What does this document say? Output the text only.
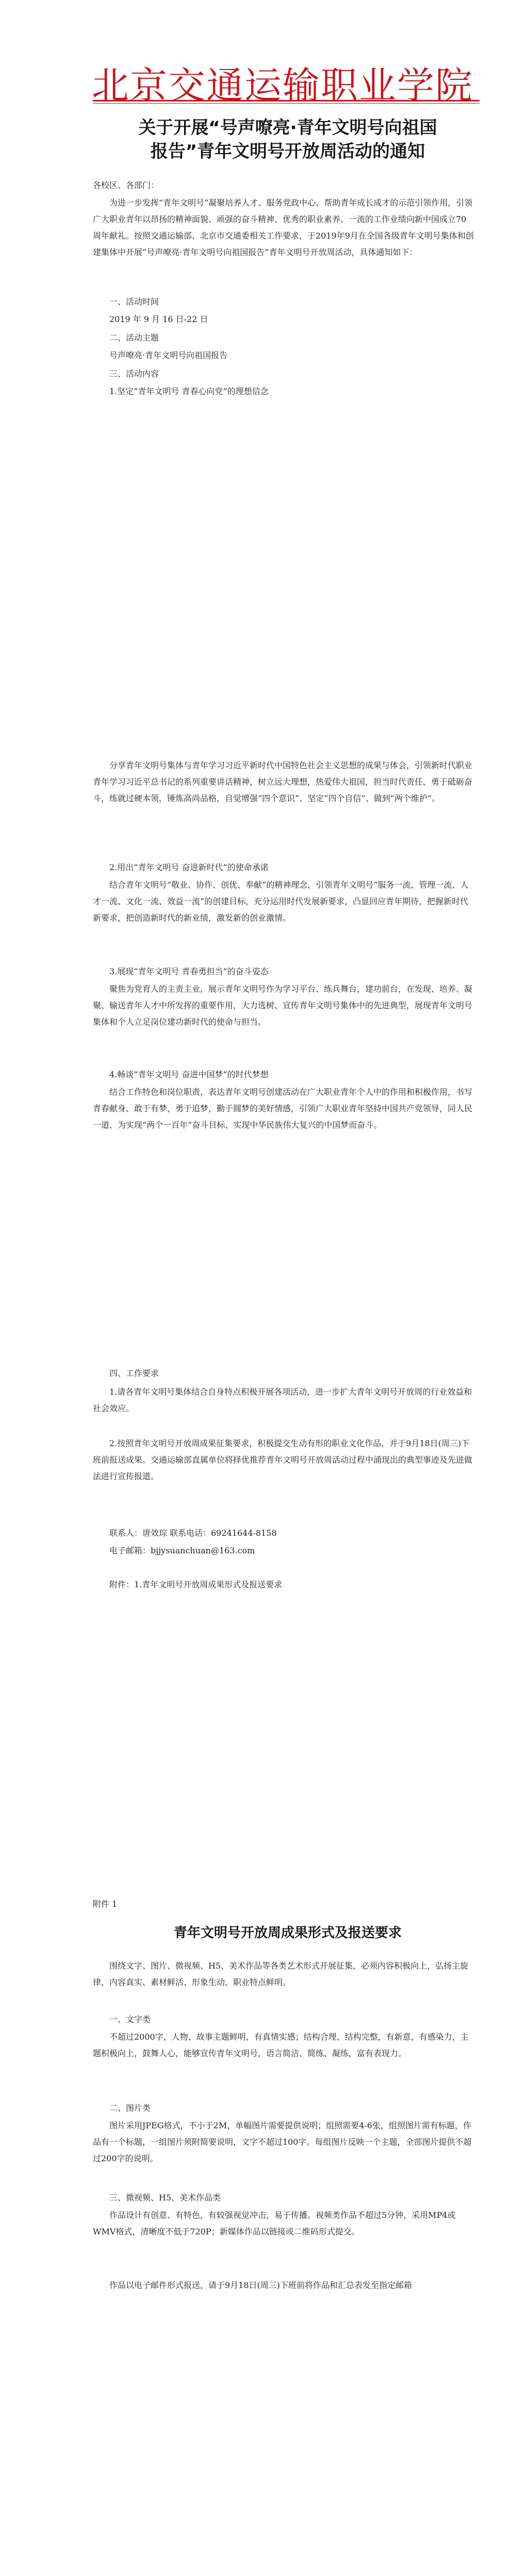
北京交通运输职业学院
关于开展“号声嘹亮·青年文明号向祖国
报告”青年文明号开放周活动的通知
各校区、各部门：
为进一步发挥“青年文明号”凝聚培养人才、服务党政中心、帮助青年成长成才的示范引领作用，引领广大职业青年以昂扬的精神面貌、顽强的奋斗精神、优秀的职业素养、一流的工作业绩向新中国成立70周年献礼。按照交通运输部、北京市交通委相关工作要求，于2019年9月在全国各级青年文明号集体和创建集体中开展“号声嘹亮·青年文明号向祖国报告”青年文明号开放周活动，具体通知如下：
一、活动时间
2019 年 9 月 16 日-22 日
二、活动主题
号声嘹亮·青年文明号向祖国报告
三、活动内容
1.坚定“青年文明号 青春心向党”的理想信念
分享青年文明号集体与青年学习习近平新时代中国特色社会主义思想的成果与体会，引领新时代职业青年学习习近平总书记的系列重要讲话精神，树立远大理想，热爱伟大祖国，担当时代责任，勇于砥砺奋斗，练就过硬本领，锤炼高尚品格，自觉增强“四个意识”、坚定“四个自信”、做到“两个维护”。
2.用出“青年文明号 奋进新时代”的使命承诺
结合青年文明号“敬业、协作、创优、奉献”的精神理念，引领青年文明号“服务一流、管理一流、人才一流、文化一流、效益一流”的创建目标，充分运用时代发展新要求，凸显回应青年期待，把握新时代新要求，把创造新时代的新业绩，激发新的创业激情。
3.展现“青年文明号 青春勇担当”的奋斗姿态
聚焦为党育人的主责主业，展示青年文明号作为学习平台、练兵舞台，建功前台，在发现、培养、凝聚、输送青年人才中所发挥的重要作用，大力选树、宣传青年文明号集体中的先进典型，展现青年文明号集体和个人立足岗位建功新时代的使命与担当。
4.畅谈“青年文明号 奋进中国梦”的时代梦想
结合工作特色和岗位职责，表达青年文明号创建活动在广大职业青年个人中的作用和积极作用，书写青春献身、敢于有梦，勇于追梦，勤于圆梦的美好情感，引领广大职业青年坚持中国共产党领导，同人民一道，为实现“两个一百年”奋斗目标、实现中华民族伟大复兴的中国梦而奋斗。
四、工作要求
1.请各青年文明号集体结合自身特点积极开展各项活动，进一步扩大青年文明号开放周的行业效益和社会效应。
2.按照青年文明号开放周成果征集要求，积极提交生动有形的职业文化作品，并于9月18日(周三)下班前报送成果。交通运输部直属单位将择优推荐青年文明号开放周活动过程中涌现出的典型事迹及先进做法进行宣传报道。
联系人：唐效琮 联系电话：69241644-8158
电子邮箱：bjjysuanchuan@163.com
附件：1.青年文明号开放周成果形式及报送要求
附件 1
青年文明号开放周成果形式及报送要求
围绕文字、图片、微视频、H5、美术作品等各类艺术形式开展征集，必须内容积极向上，弘扬主旋律，内容真实、素材鲜活、形象生动，职业特点鲜明。
一、文字类
不超过2000字，人物、故事主题鲜明，有真情实感；结构合理、结构完整，有新意，有感染力，主题积极向上，鼓舞人心，能够宣传青年文明号，语言简洁、简练、凝练，富有表现力。
二、图片类
图片采用JPEG格式，不小于2M，单幅图片需要提供说明；组照需要4-6张，组照图片需有标题，作品有一个标题，一组图片须附简要说明，文字不超过100字。每组图片反映一个主题，全部图片提供不超过200字的说明。
三、微视频、H5、美术作品类
作品设计有创意、有特色，有较强视觉冲击，易于传播。视频类作品不超过5分钟，采用MP4或WMV格式，清晰度不低于720P；新媒体作品以链接或二维码形式提交。
作品以电子邮件形式报送，请于9月18日(周三)下班前将作品和汇总表发至指定邮箱
